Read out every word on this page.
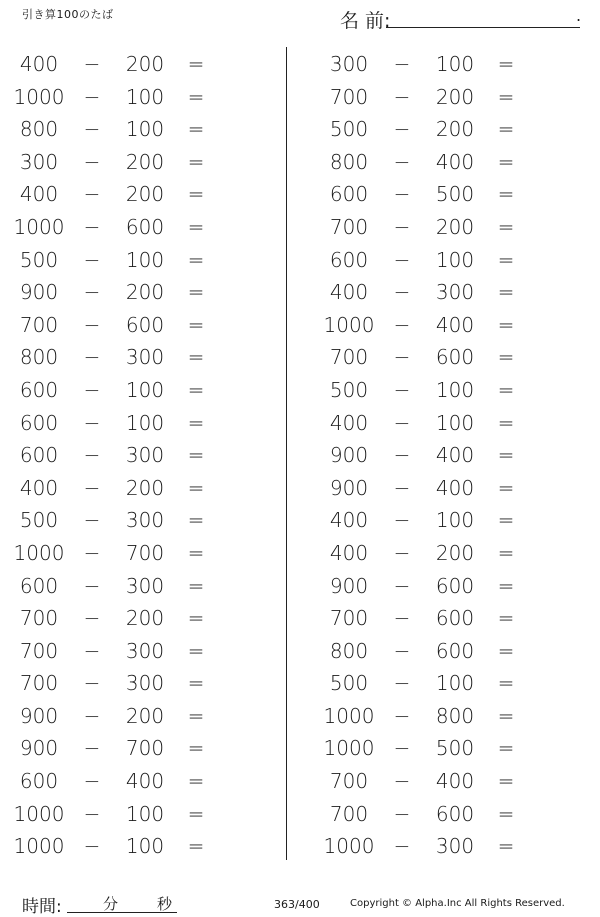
引き算100のたば	名 前:	.
400	− 200 =
1000 − 100 =
800	− 100 =
300	− 200 =
400	− 200 =
1000 − 600 =
500	− 100 =
900	− 200 =
700	− 600 =
800	− 300 =
600	− 100 =
600	− 100 =
600	− 300 =
400	− 200 =
500	− 300 =
1000 − 700 =
600	− 300 =
700	− 200 =
700	− 300 =
700	− 300 =
900	− 200 =
900	− 700 =
600	− 400 =
1000 − 100 =
1000 − 100 =
300	− 100 =
700	− 200 =
500	− 200 =
800	− 400 =
600	− 500 =
700	− 200 =
600	− 100 =
400	− 300 =
1000 − 400 =
700	− 600 =
500	− 100 =
400	− 100 =
900	− 400 =
900	− 400 =
400	− 100 =
400	− 200 =
900	− 600 =
700	− 600 =
800	− 600 =
500	− 100 =
1000 − 800 =
1000 − 500 =
700	− 400 =
700	− 600 =
1000 − 300 =
時間:	分	秒	363/400	Copyright © Alpha.Inc All Rights Reserved.
